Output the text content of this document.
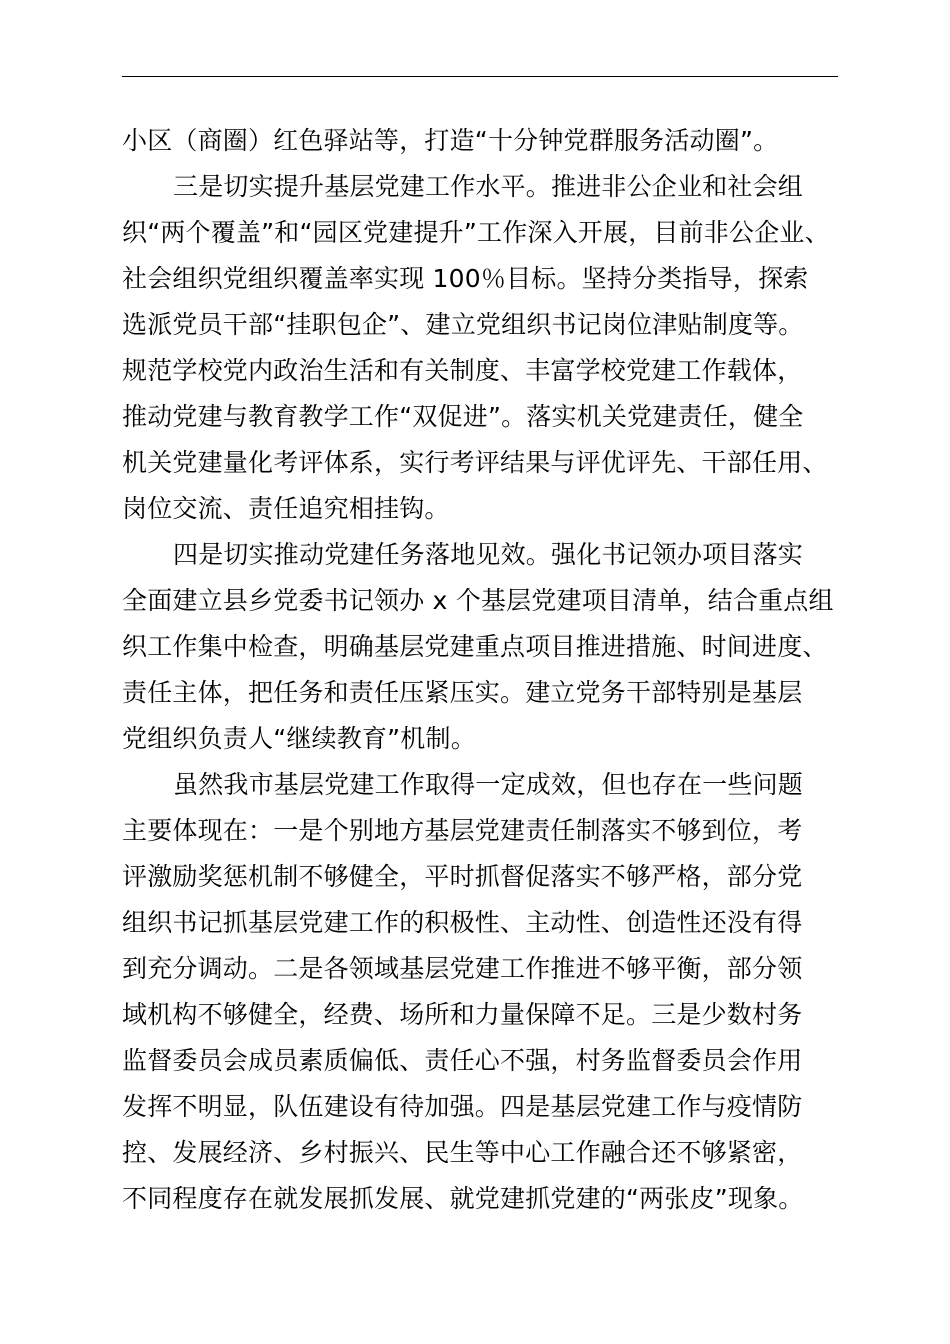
小区（商圈）红色驿站等，打造“十分钟党群服务活动圈”。
三是切实提升基层党建工作水平。推进非公企业和社会组
织“两个覆盖”和“园区党建提升”工作深入开展，目前非公企业、
社会组织党组织覆盖率实现 100％目标。坚持分类指导，探索
选派党员干部“挂职包企”、建立党组织书记岗位津贴制度等。
规范学校党内政治生活和有关制度、丰富学校党建工作载体，
推动党建与教育教学工作“双促进”。落实机关党建责任，健全
机关党建量化考评体系，实行考评结果与评优评先、干部任用、
岗位交流、责任追究相挂钩。
四是切实推动党建任务落地见效。强化书记领办项目落实
全面建立县乡党委书记领办 x 个基层党建项目清单，结合重点组
织工作集中检查，明确基层党建重点项目推进措施、时间进度、
责任主体，把任务和责任压紧压实。建立党务干部特别是基层
党组织负责人“继续教育”机制。
虽然我市基层党建工作取得一定成效，但也存在一些问题
主要体现在：一是个别地方基层党建责任制落实不够到位，考
评激励奖惩机制不够健全，平时抓督促落实不够严格，部分党
组织书记抓基层党建工作的积极性、主动性、创造性还没有得
到充分调动。二是各领域基层党建工作推进不够平衡，部分领
域机构不够健全，经费、场所和力量保障不足。三是少数村务
监督委员会成员素质偏低、责任心不强，村务监督委员会作用
发挥不明显，队伍建设有待加强。四是基层党建工作与疫情防
控、发展经济、乡村振兴、民生等中心工作融合还不够紧密，
不同程度存在就发展抓发展、就党建抓党建的“两张皮”现象。
